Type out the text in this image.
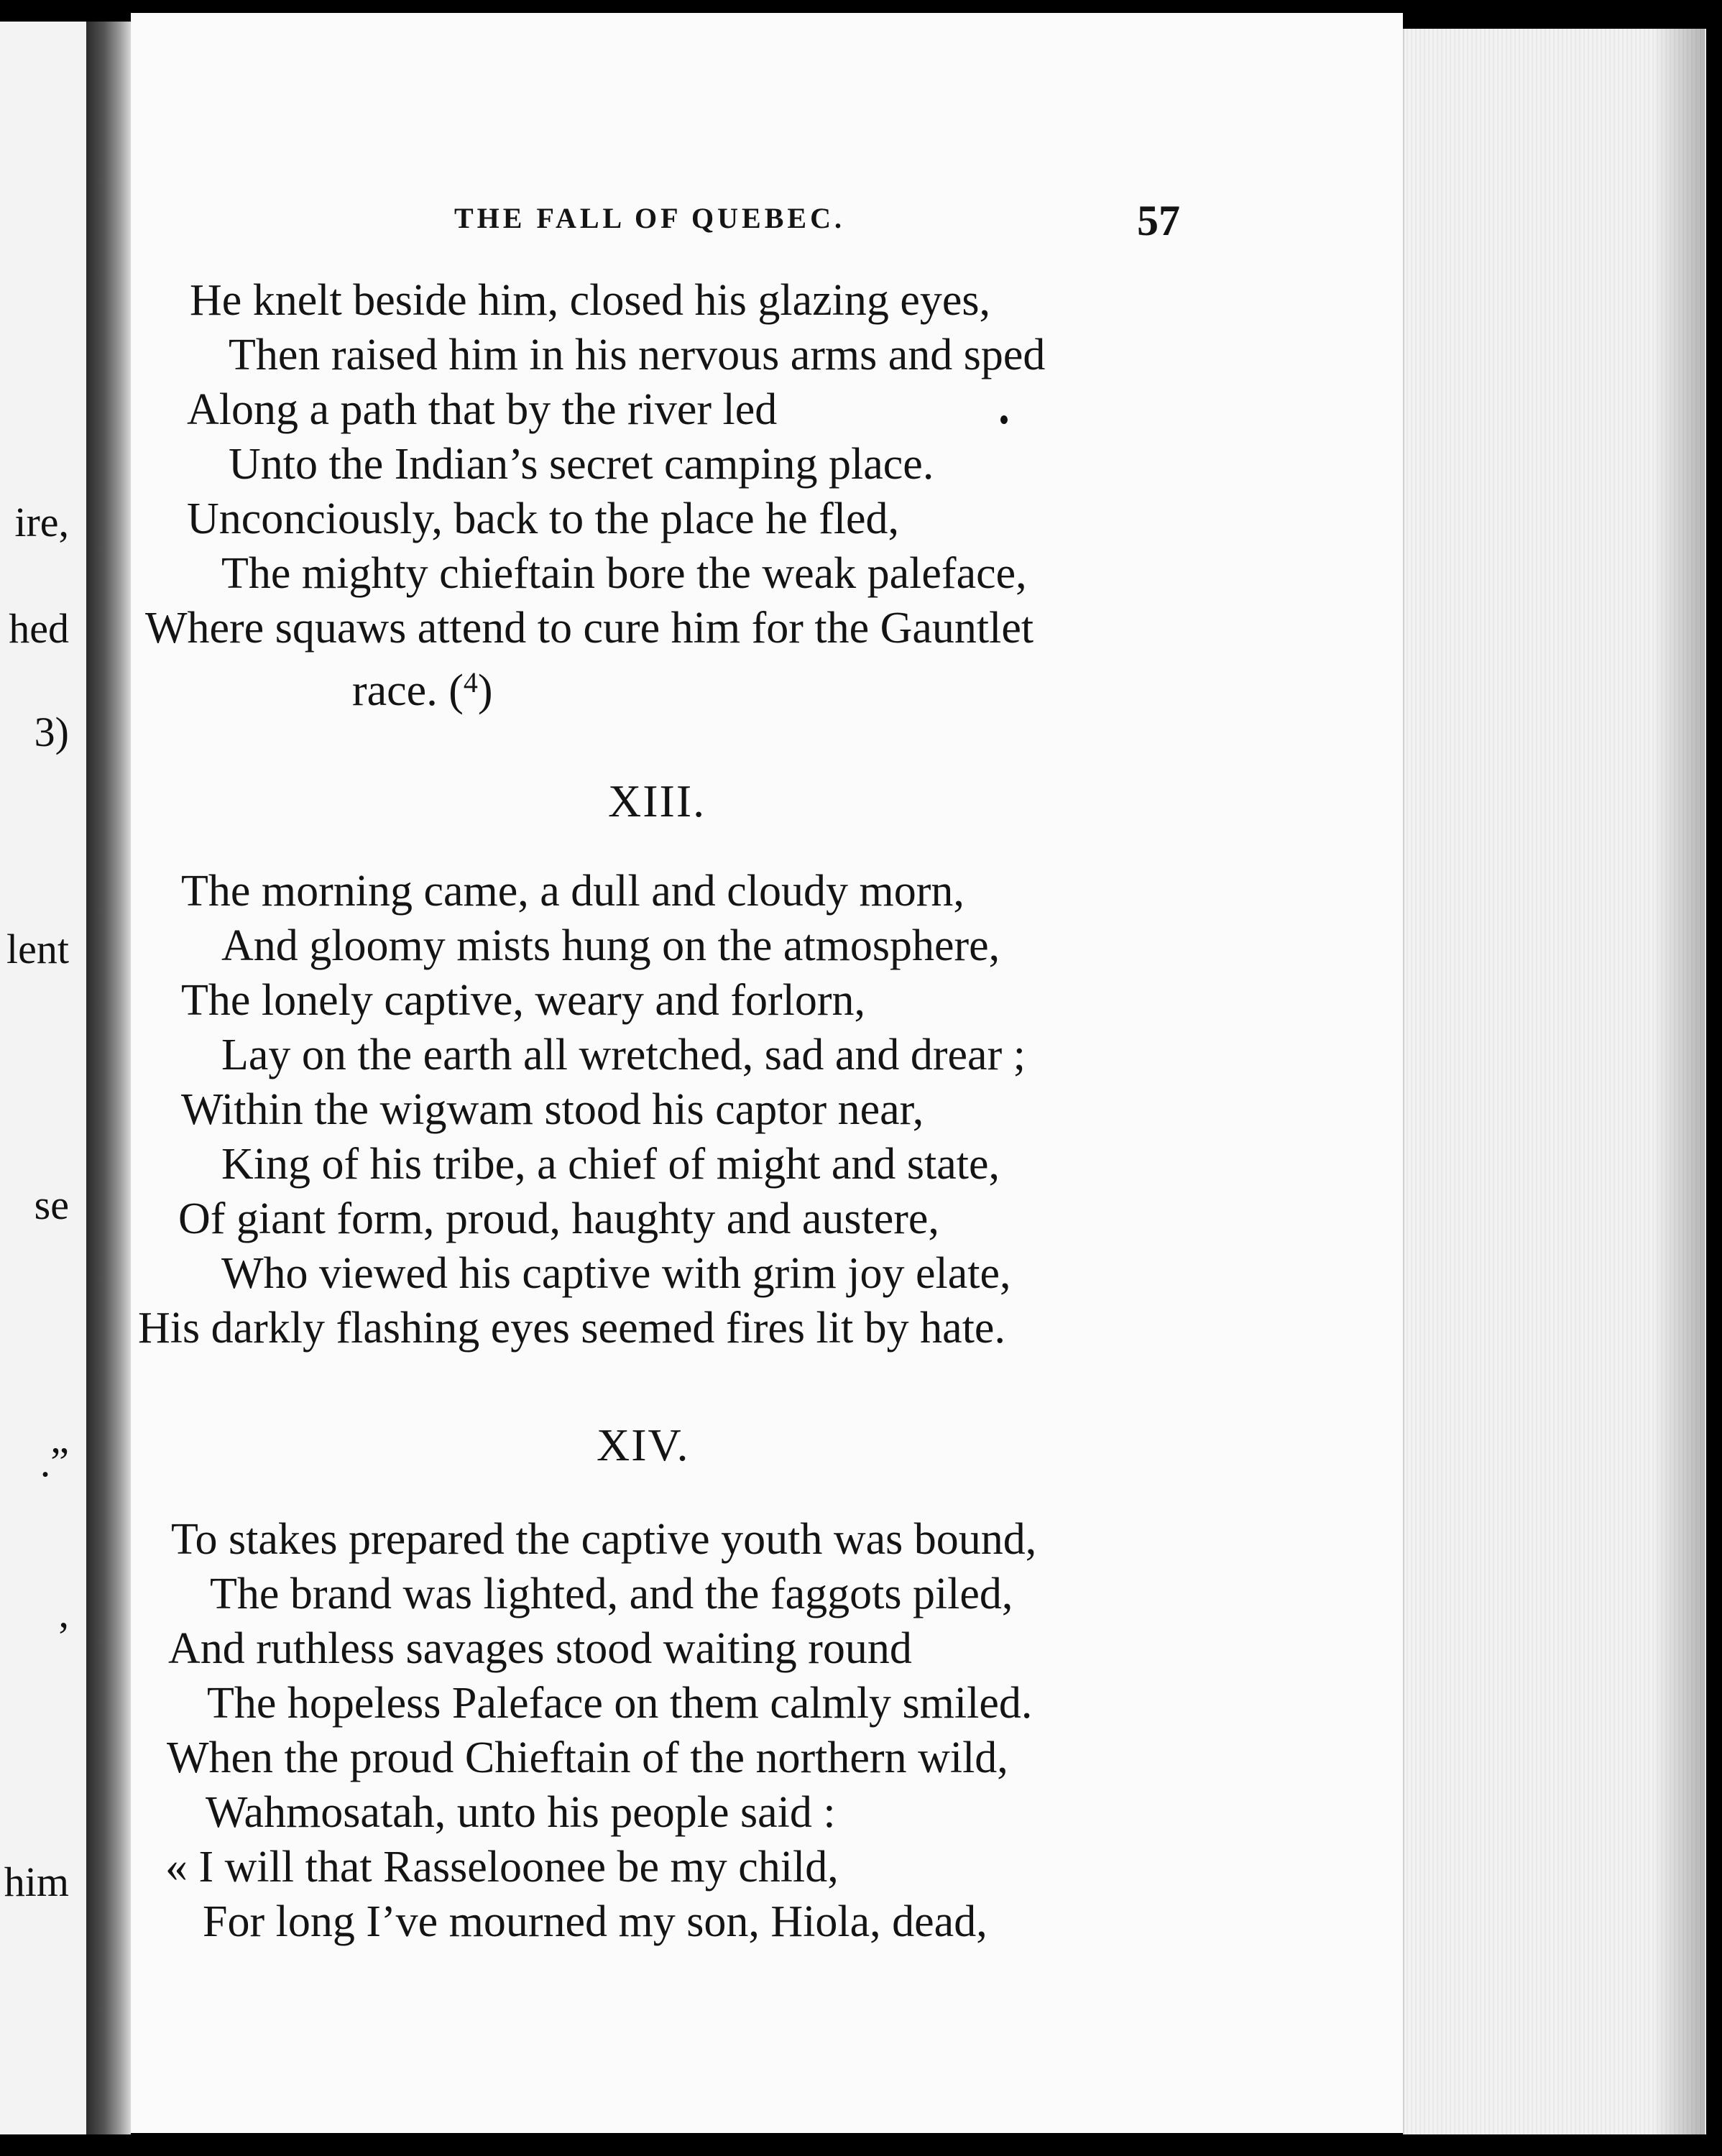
ire,
hed
3)
lent
se
.”
,
him
THE FALL OF QUEBEC.	57
He knelt beside him, closed his glazing eyes,
Then raised him in his nervous arms and sped
Along a path that by the river led
Unto the Indian’s secret camping place.
Unconciously, back to the place he fled,
The mighty chieftain bore the weak paleface,
Where squaws attend to cure him for the Gauntlet
race. ($^4$)
XIII.
The morning came, a dull and cloudy morn,
And gloomy mists hung on the atmosphere,
The lonely captive, weary and forlorn,
Lay on the earth all wretched, sad and drear ;
Within the wigwam stood his captor near,
King of his tribe, a chief of might and state,
Of giant form, proud, haughty and austere,
Who viewed his captive with grim joy elate,
His darkly flashing eyes seemed fires lit by hate.
XIV.
To stakes prepared the captive youth was bound,
The brand was lighted, and the faggots piled,
And ruthless savages stood waiting round
The hopeless Paleface on them calmly smiled.
When the proud Chieftain of the northern wild,
Wahmosatah, unto his people said :
« I will that Rasseloonee be my child,
For long I’ve mourned my son, Hiola, dead,
